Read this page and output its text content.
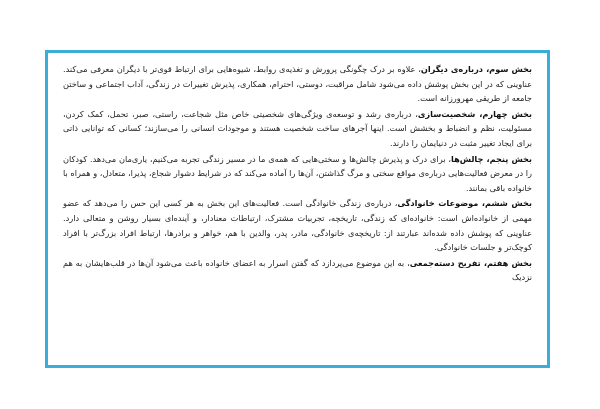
بخش سوم، درباره‌ی دیگران، علاوه بر درک چگونگی پرورش و تغذیه‌ی روابط، شیوه‌هایی برای ارتباط قوی‌تر با دیگران معرفی می‌کند. عناوینی که در این بخش پوشش داده می‌شود شامل مراقبت، دوستی، احترام، همکاری، پذیرش تغییرات در زندگی، آداب اجتماعی و ساختن جامعه از طریقی مهرورزانه است.

بخش چهارم، شخصیت‌سازی، درباره‌ی رشد و توسعه‌ی ویژگی‌های شخصیتی خاص مثل شجاعت، راستی، صبر، تحمل، کمک کردن، مسئولیت، نظم و انضباط و بخشش است. اینها آجرهای ساخت شخصیت هستند و موجودات انسانی را می‌سازند؛ کسانی که توانایی ذاتی برای ایجاد تغییر مثبت در دنیایمان را دارند.

بخش پنجم، چالش‌ها، برای درک و پذیرش چالش‌ها و سختی‌هایی که همه‌ی ما در مسیر زندگی تجربه می‌کنیم، یاری‌مان می‌دهد. کودکان را در معرض فعالیت‌هایی درباره‌ی مواقع سختی و مرگ گذاشتن، آن‌ها را آماده می‌کند که در شرایط دشوار شجاع، پذیرا، متعادل، و همراه با خانواده باقی بمانند.

بخش ششم، موضوعات خانوادگی، درباره‌ی زندگی خانوادگی است. فعالیت‌های این بخش به هر کسی این حس را می‌دهد که عضو مهمی از خانواده‌اش است: خانواده‌ای که زندگی، تاریخچه، تجربیات مشترک، ارتباطات معنادار، و آینده‌ای بسیار روشن و متعالی دارد. عناوینی که پوشش داده شده‌اند عبارتند از: تاریخچه‌ی خانوادگی، مادر، پدر، والدین با هم، خواهر و برادرها، ارتباط افراد بزرگ‌تر با افراد کوچک‌تر و جلسات خانوادگی.

بخش هفتم، تفریح دسته‌جمعی، به این موضوع می‌پردازد که گفتن اسرار به اعضای خانواده باعث می‌شود آن‌ها در قلب‌هایشان به هم نزدیک
